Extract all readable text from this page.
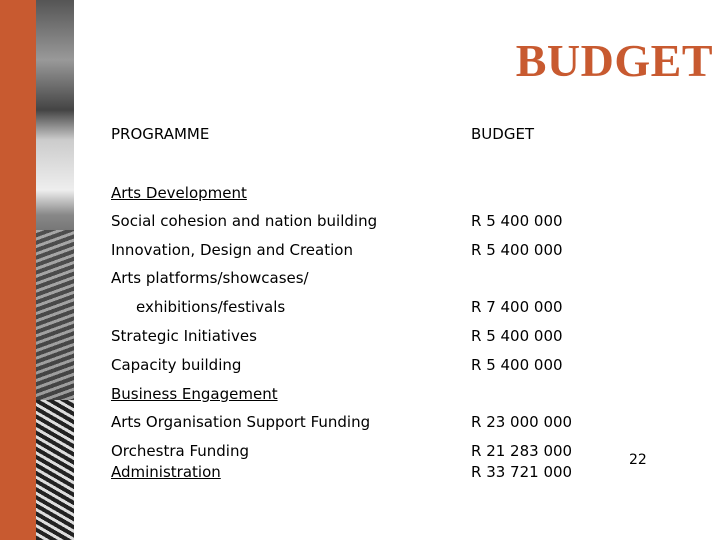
BUDGET
PROGRAMME	BUDGET
Arts Development
Social cohesion and nation building	R 5 400 000
Innovation, Design and Creation	R 5 400 000
Arts platforms/showcases/
exhibitions/festivals	R 7 400 000
Strategic Initiatives	R 5 400 000
Capacity building	R 5 400 000
Business Engagement
Arts Organisation Support Funding	R 23 000 000
Orchestra Funding	R 21 283 000
Administration	R 33 721 000
22
